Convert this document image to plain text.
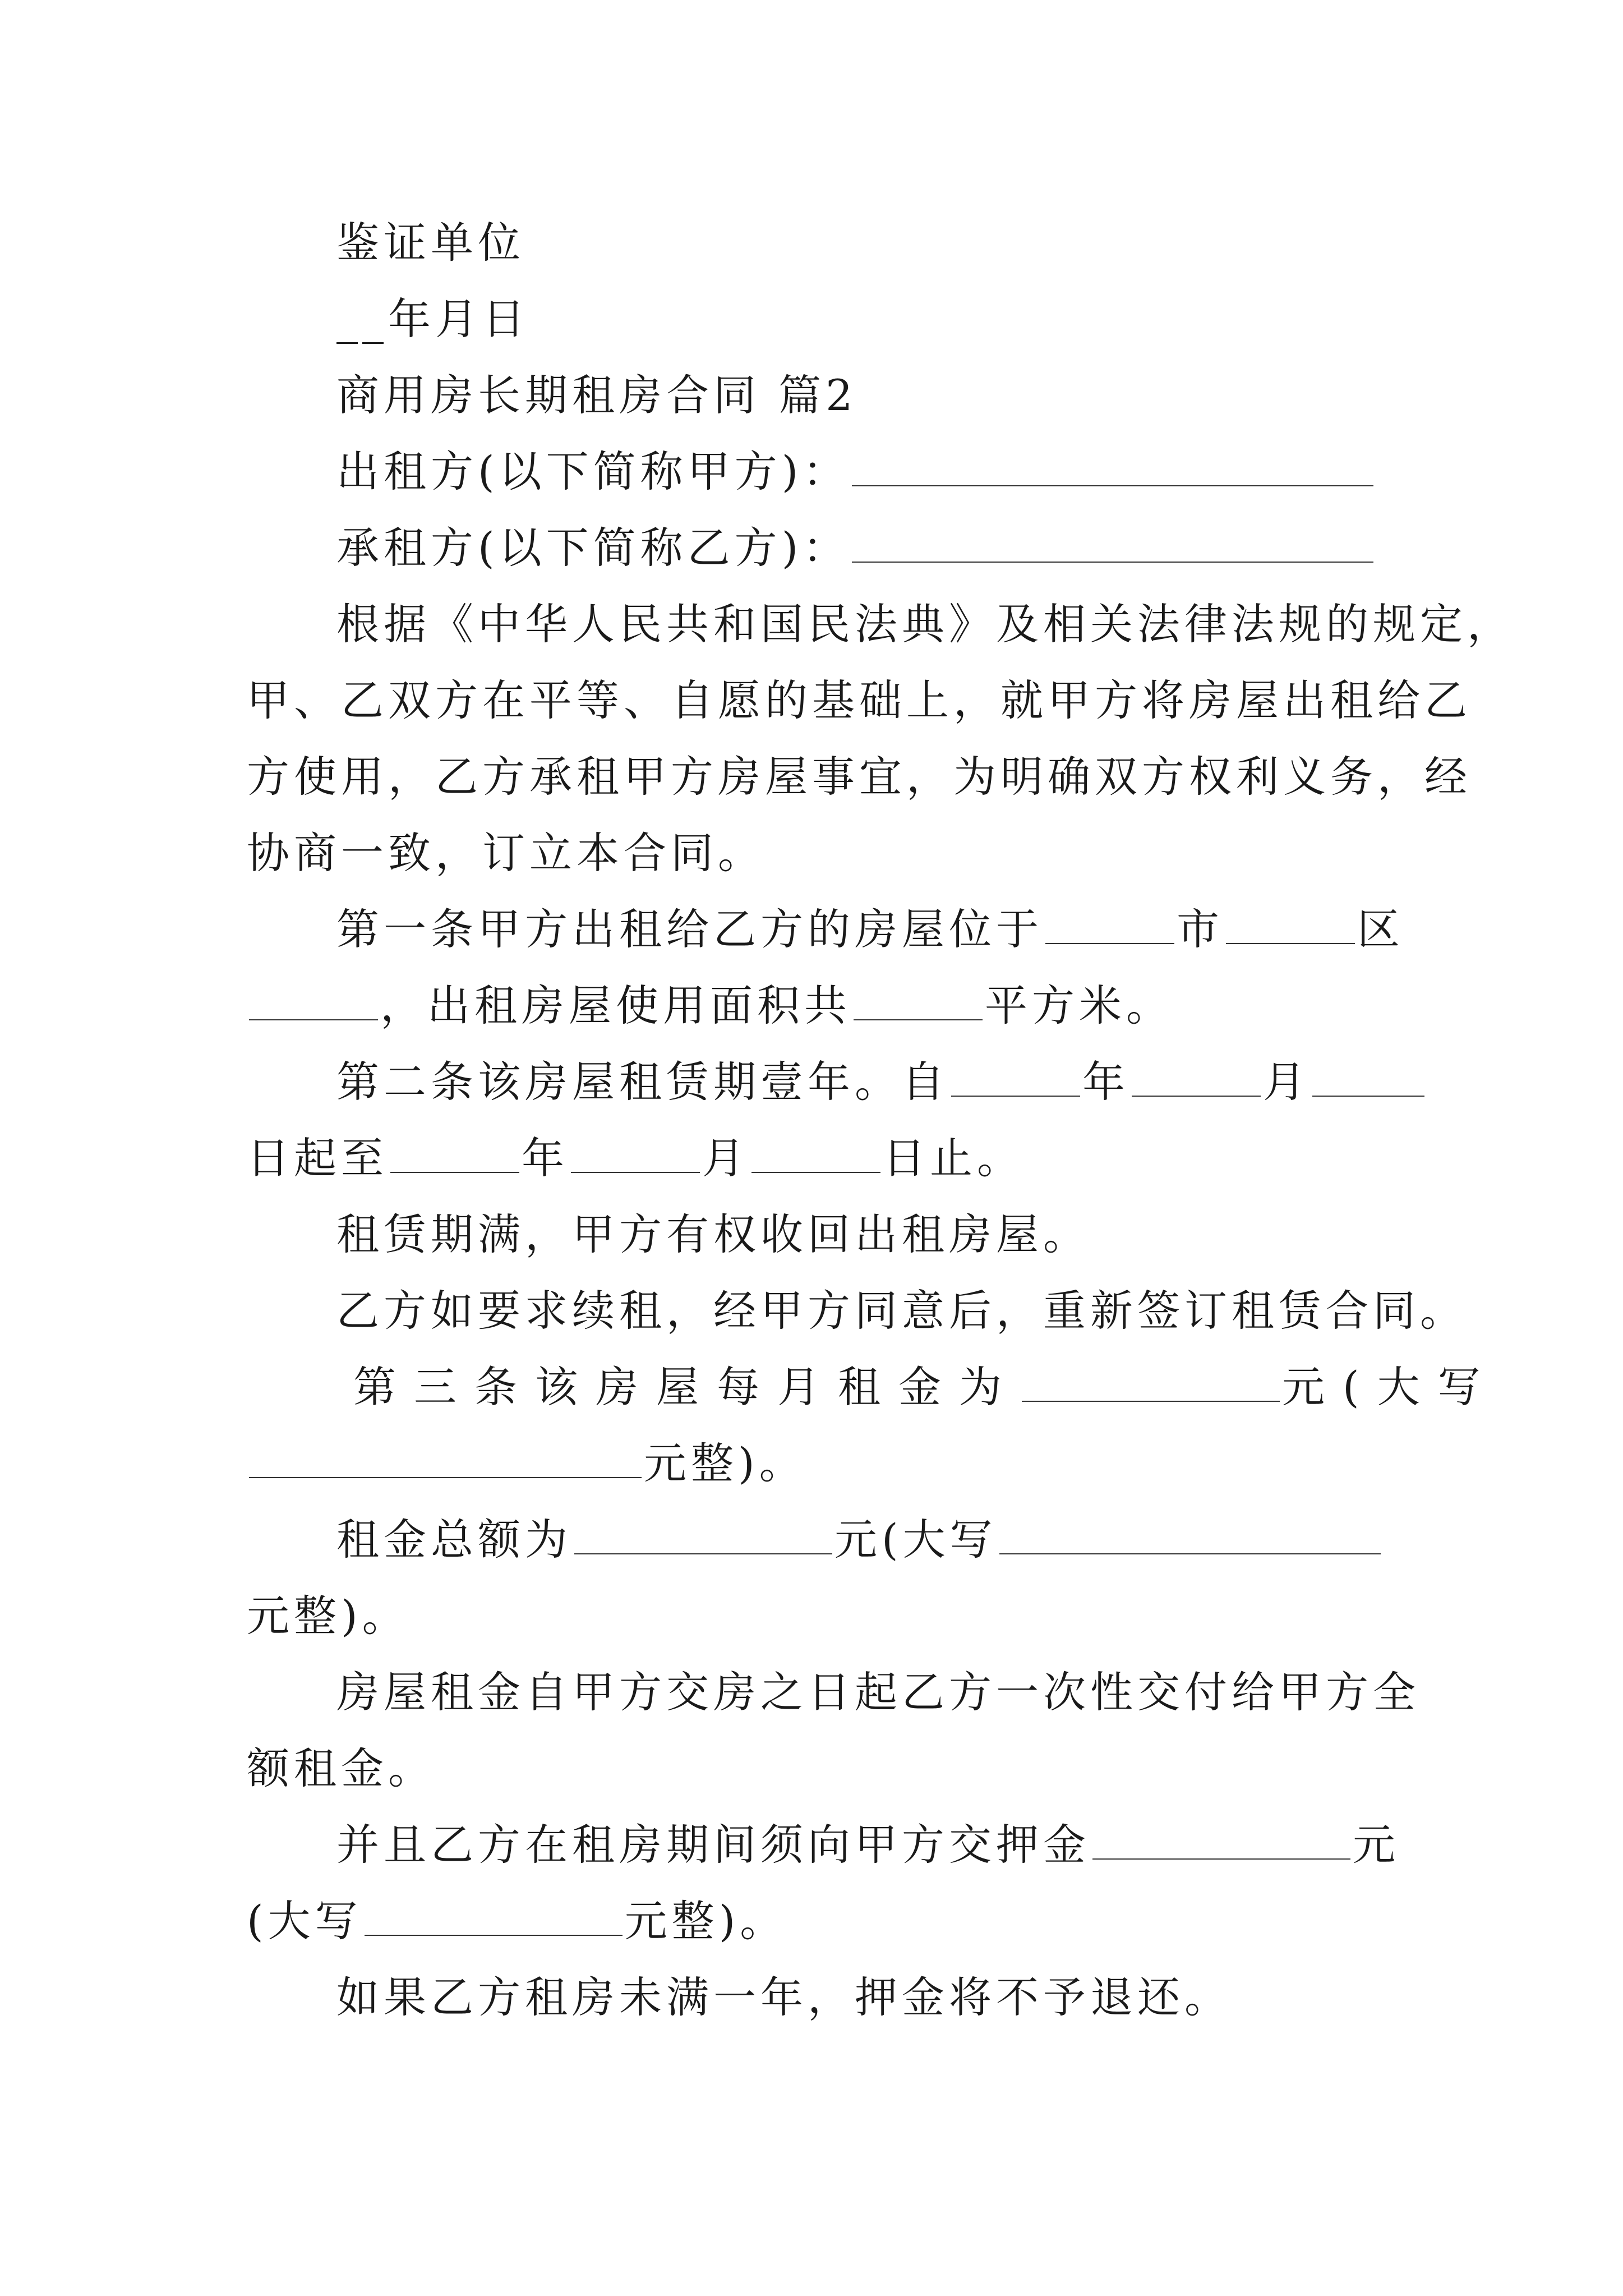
鉴证单位
__年月日
商用房长期租房合同 篇2
出租方(以下简称甲方)：
承租方(以下简称乙方)：
根据《中华人民共和国民法典》及相关法律法规的规定，
甲、乙双方在平等、自愿的基础上，就甲方将房屋出租给乙
方使用，乙方承租甲方房屋事宜，为明确双方权利义务，经
协商一致，订立本合同。
第一条甲方出租给乙方的房屋位于	市	区
，出租房屋使用面积共	平方米。
第二条该房屋租赁期壹年。自	年	月
日起至	年	月	日止。
租赁期满，甲方有权收回出租房屋。
乙方如要求续租，经甲方同意后，重新签订租赁合同。
第三条该房屋每月租金为	元(大写
元整)。
租金总额为	元(大写
元整)。
房屋租金自甲方交房之日起乙方一次性交付给甲方全
额租金。
并且乙方在租房期间须向甲方交押金	元
(大写	元整)。
如果乙方租房未满一年，押金将不予退还。
